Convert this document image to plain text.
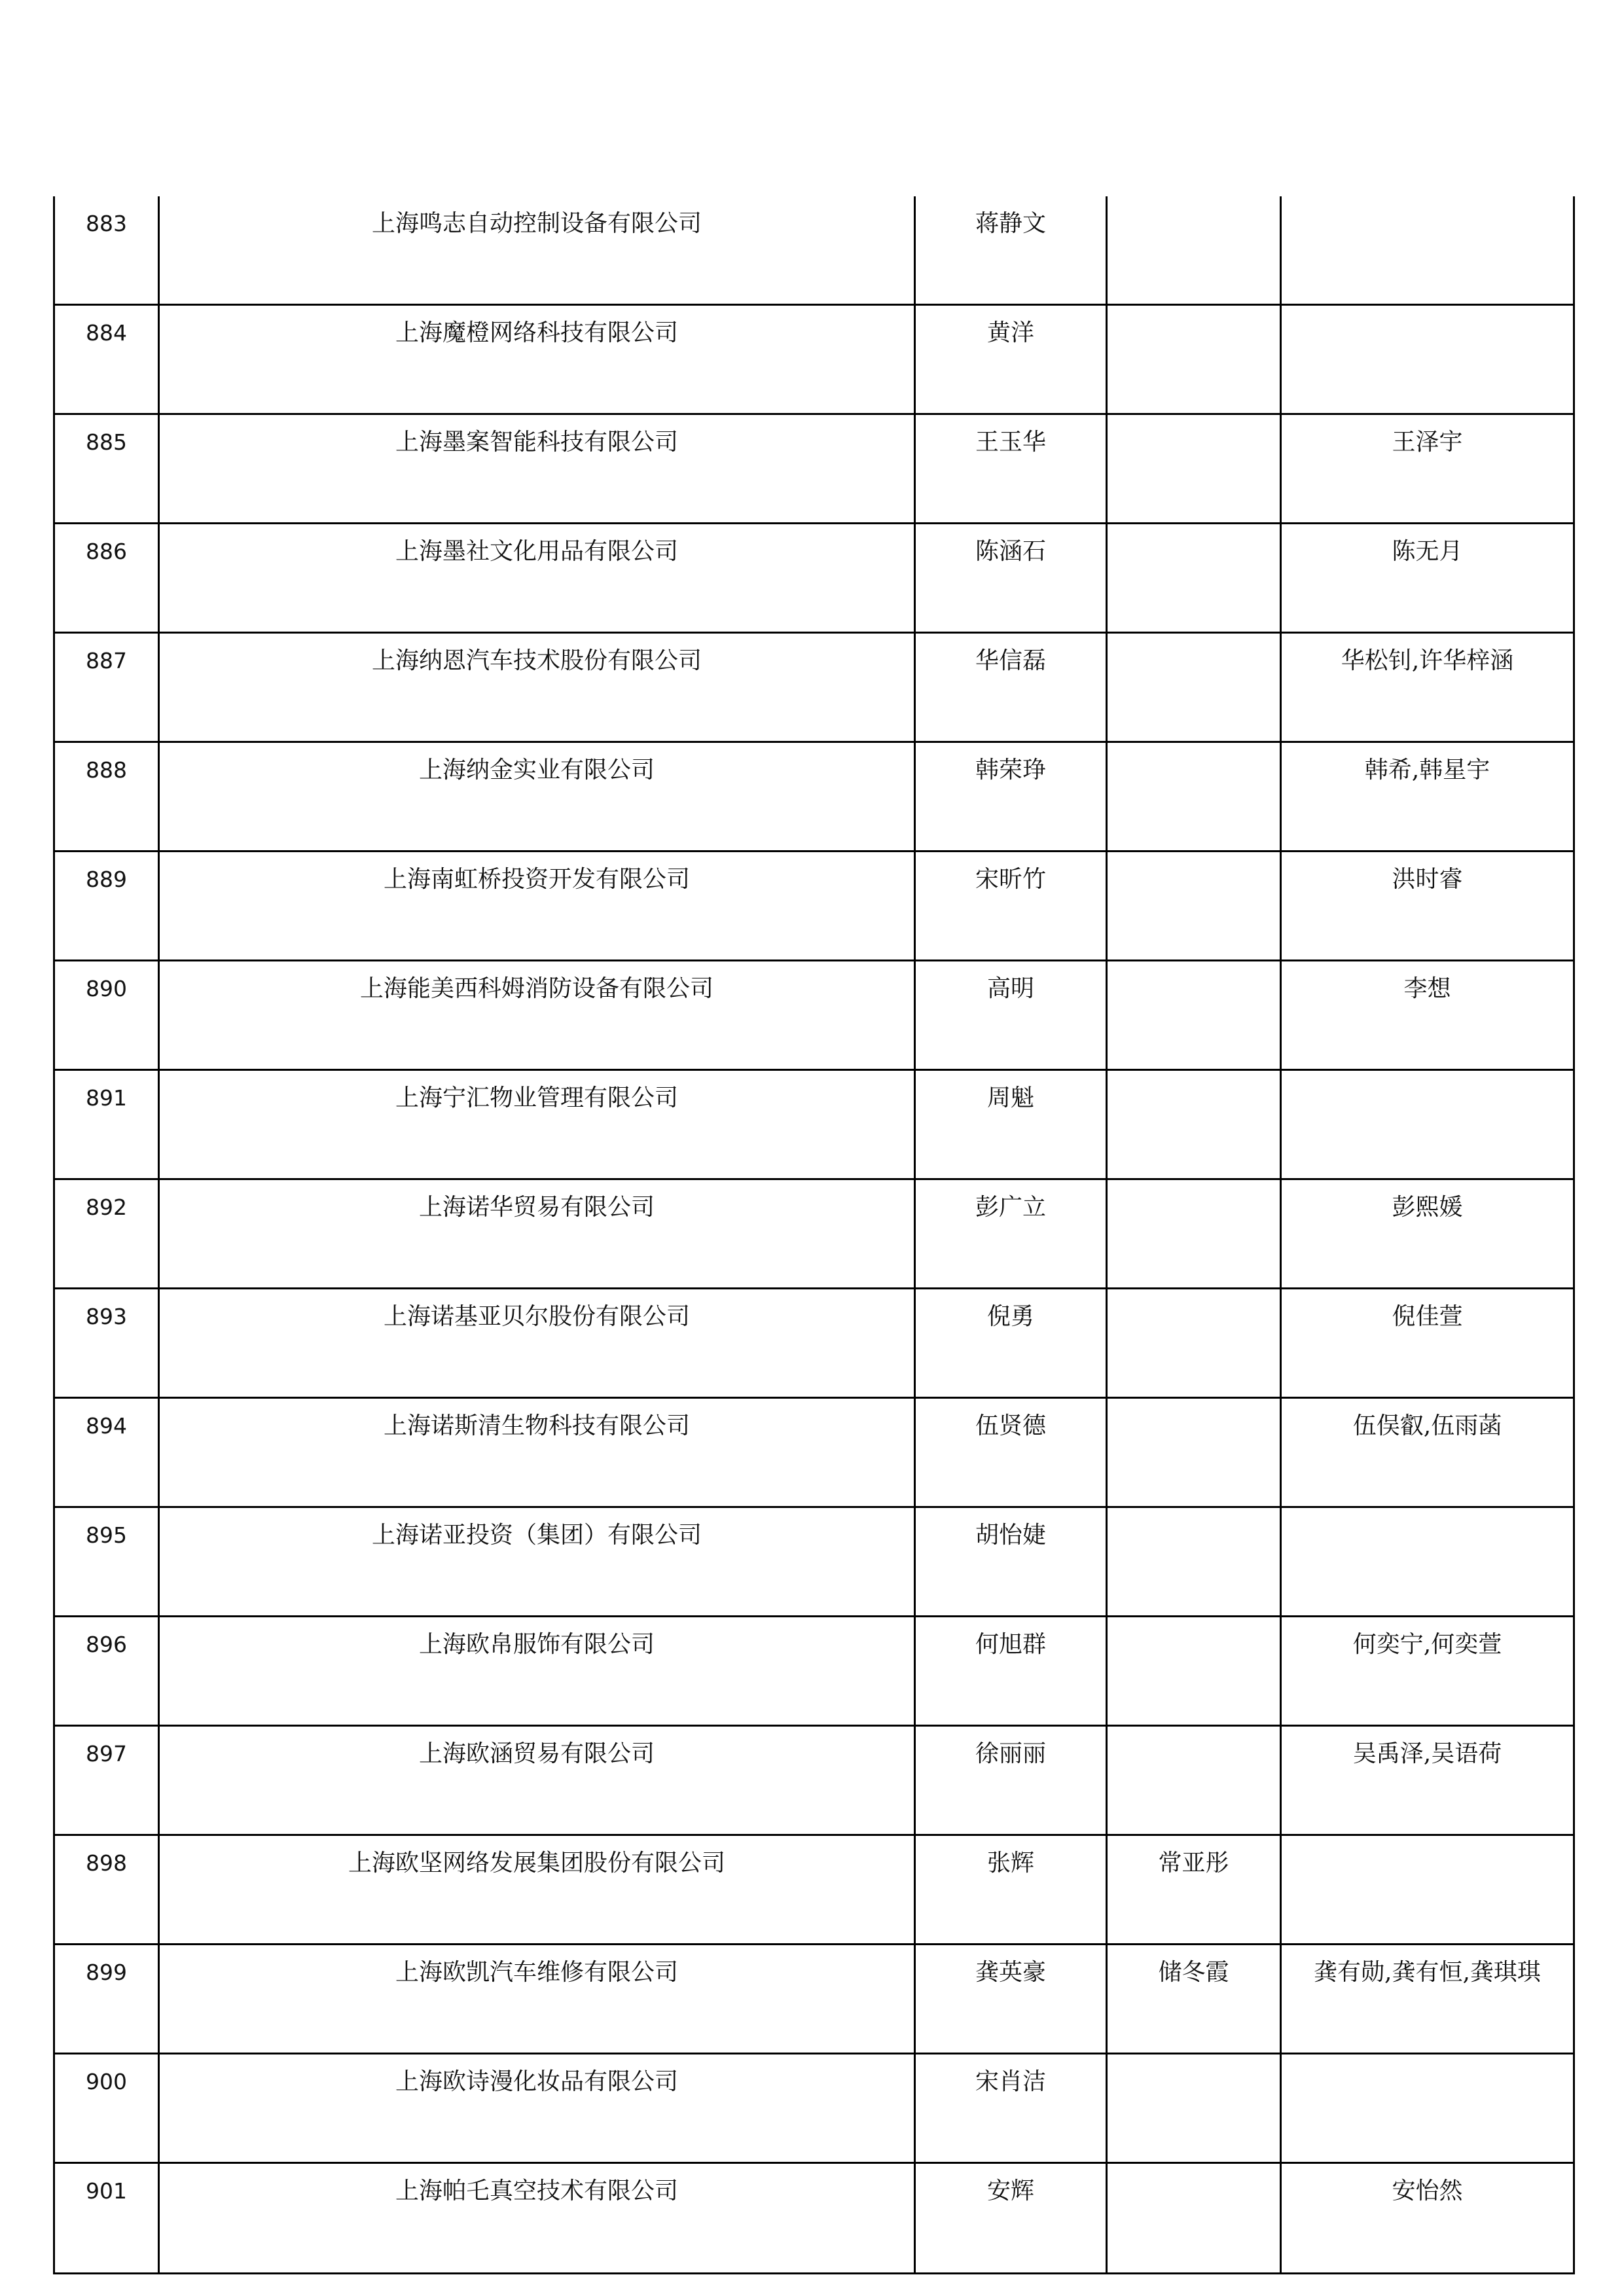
883	上海鸣志自动控制设备有限公司	蒋静文		
884	上海魔橙网络科技有限公司	黄洋		
885	上海墨案智能科技有限公司	王玉华		王泽宇
886	上海墨社文化用品有限公司	陈涵石		陈无月
887	上海纳恩汽车技术股份有限公司	华信磊		华松钊,许华梓涵
888	上海纳金实业有限公司	韩荣琤		韩希,韩星宇
889	上海南虹桥投资开发有限公司	宋昕竹		洪时睿
890	上海能美西科姆消防设备有限公司	高明		李想
891	上海宁汇物业管理有限公司	周魁		
892	上海诺华贸易有限公司	彭广立		彭熙媛
893	上海诺基亚贝尔股份有限公司	倪勇		倪佳萱
894	上海诺斯清生物科技有限公司	伍贤德		伍俣叡,伍雨菡
895	上海诺亚投资（集团）有限公司	胡怡婕		
896	上海欧帛服饰有限公司	何旭群		何奕宁,何奕萱
897	上海欧涵贸易有限公司	徐丽丽		吴禹泽,吴语荷
898	上海欧坚网络发展集团股份有限公司	张辉	常亚彤	
899	上海欧凯汽车维修有限公司	龚英豪	储冬霞	龚有勋,龚有恒,龚琪琪
900	上海欧诗漫化妆品有限公司	宋肖洁		
901	上海帕乇真空技术有限公司	安辉		安怡然
